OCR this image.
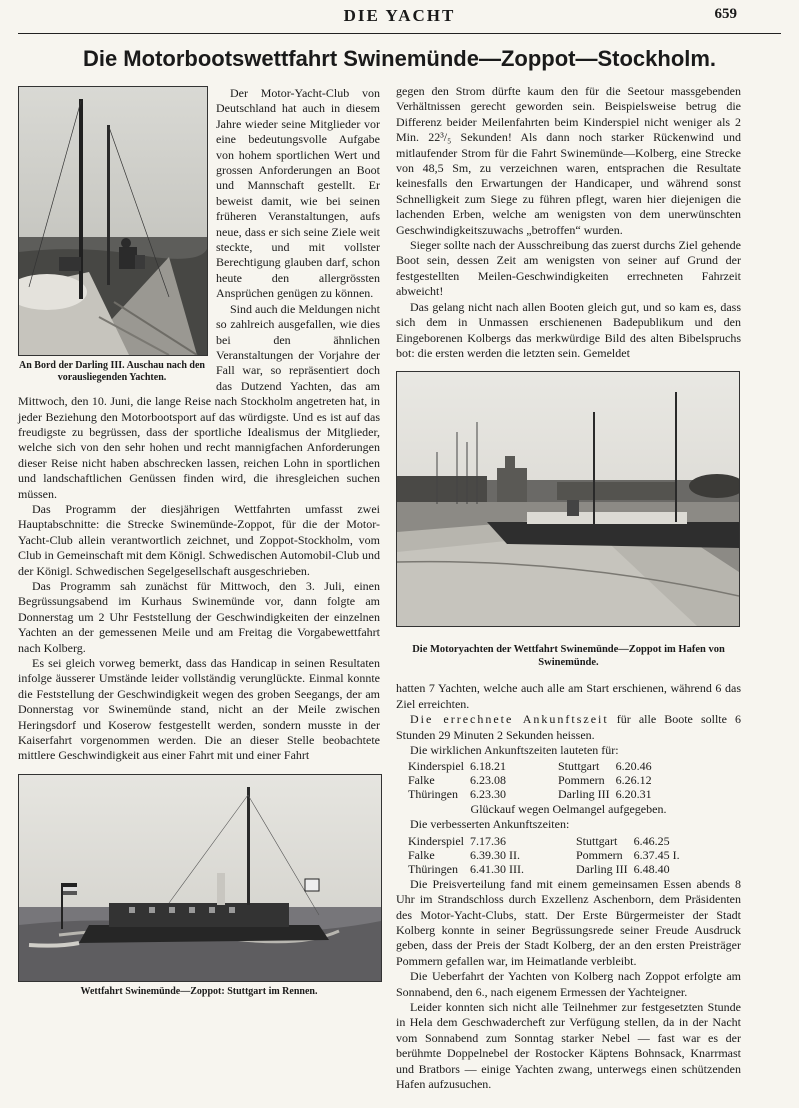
DIE YACHT	659
Die Motorbootswettfahrt Swinemünde—Zoppot—Stockholm.
An Bord der Darling III. Auschau nach den vorausliegenden Yachten.

Der Motor-Yacht-Club von Deutschland hat auch in diesem Jahre wieder seine Mitglieder vor eine bedeutungsvolle Aufgabe von hohem sportlichen Wert und grossen Anforderungen an Boot und Mannschaft gestellt. Er beweist damit, wie bei seinen früheren Veranstaltungen, aufs neue, dass er sich seine Ziele weit steckte, und mit vollster Berechtigung glauben darf, schon heute den allergrössten Ansprüchen genügen zu können.

Sind auch die Meldungen nicht so zahlreich ausgefallen, wie dies bei den ähnlichen Veranstaltungen der Vorjahre der Fall war, so repräsentiert doch das Dutzend Yachten, das am Mittwoch, den 10. Juni, die lange Reise nach Stockholm angetreten hat, in jeder Beziehung den Motorbootsport auf das würdigste. Und es ist auf das freudigste zu begrüssen, dass der sportliche Idealismus der Mitglieder, welche sich von den sehr hohen und recht mannigfachen Anforderungen dieser Reise nicht haben abschrecken lassen, reichen Lohn in sportlichen und landschaftlichen Genüssen finden wird, die ihresgleichen suchen müssen.

Das Programm der diesjährigen Wettfahrten umfasst zwei Hauptabschnitte: die Strecke Swinemünde-Zoppot, für die der Motor-Yacht-Club allein verantwortlich zeichnet, und Zoppot-Stockholm, vom Club in Gemeinschaft mit dem Königl. Schwedischen Automobil-Club und der Königl. Schwedischen Segelgesellschaft ausgeschrieben.

Das Programm sah zunächst für Mittwoch, den 3. Juli, einen Begrüssungsabend im Kurhaus Swinemünde vor, dann folgte am Donnerstag um 2 Uhr Feststellung der Geschwindigkeiten der einzelnen Yachten an der gemessenen Meile und am Freitag die Vorgabewettfahrt nach Kolberg.

Es sei gleich vorweg bemerkt, dass das Handicap in seinen Resultaten infolge äusserer Umstände leider vollständig verunglückte. Einmal konnte die Feststellung der Geschwindigkeit wegen des groben Seegangs, der am Donnerstag vor Swinemünde stand, nicht an der Meile zwischen Heringsdorf und Koserow festgestellt werden, sondern musste in der Kaiserfahrt vorgenommen werden. Die an dieser Stelle beobachtete mittlere Geschwindigkeit aus einer Fahrt mit und einer Fahrt

Wettfahrt Swinemünde—Zoppot: Stuttgart im Rennen.

gegen den Strom dürfte kaum den für die Seetour massgebenden Verhältnissen gerecht geworden sein. Beispielsweise betrug die Differenz beider Meilenfahrten beim Kinderspiel nicht weniger als 2 Min. 22³/₅ Sekunden! Als dann noch starker Rückenwind und mitlaufender Strom für die Fahrt Swinemünde—Kolberg, eine Strecke von 48,5 Sm, zu verzeichnen waren, entsprachen die Resultate keinesfalls den Erwartungen der Handicaper, und während sonst Schnelligkeit zum Siege zu führen pflegt, waren hier diejenigen die lachenden Erben, welche am wenigsten von dem unerwünschten Geschwindigkeitszuwachs „betroffen“ wurden.

Sieger sollte nach der Ausschreibung das zuerst durchs Ziel gehende Boot sein, dessen Zeit am wenigsten von seiner auf Grund der festgestellten Meilen-Geschwindigkeiten errechneten Fahrzeit abweicht!

Das gelang nicht nach allen Booten gleich gut, und so kam es, dass sich dem in Unmassen erschienenen Badepublikum und den Eingeborenen Kolbergs das merkwürdige Bild des alten Bibelspruchs bot: die ersten werden die letzten sein. Gemeldet

Die Motoryachten der Wettfahrt Swinemünde—Zoppot im Hafen von Swinemünde.

hatten 7 Yachten, welche auch alle am Start erschienen, während 6 das Ziel erreichten.

Die errechnete Ankunftszeit für alle Boote sollte 6 Stunden 29 Minuten 2 Sekunden heissen.

Die wirklichen Ankunftszeiten lauteten für:

Kinderspiel	6.18.21		Stuttgart	6.20.46
Falke	6.23.08		Pommern	6.26.12
Thüringen	6.23.30		Darling III	6.20.31
Glückauf wegen Oelmangel aufgegeben.

Die verbesserten Ankunftszeiten:

Kinderspiel	7.17.36		Stuttgart	6.46.25
Falke	6.39.30 II.		Pommern	6.37.45 I.
Thüringen	6.41.30 III.		Darling III	6.48.40

Die Preisverteilung fand mit einem gemeinsamen Essen abends 8 Uhr im Strandschloss durch Exzellenz Aschenborn, dem Präsidenten des Motor-Yacht-Clubs, statt. Der Erste Bürgermeister der Stadt Kolberg konnte in seiner Begrüssungsrede seiner Freude Ausdruck geben, dass der Preis der Stadt Kolberg, der an den ersten Preisträger Pommern gefallen war, im Heimatlande verbleibt.

Die Ueberfahrt der Yachten von Kolberg nach Zoppot erfolgte am Sonnabend, den 6., nach eigenem Ermessen der Yachteigner.

Leider konnten sich nicht alle Teilnehmer zur festgesetzten Stunde in Hela dem Geschwadercheft zur Verfügung stellen, da in der Nacht vom Sonnabend zum Sonntag starker Nebel — fast war es der berühmte Doppelnebel der Rostocker Käptens Bohnsack, Knarrmast und Bratbors — einige Yachten zwang, unterwegs einen schützenden Hafen aufzusuchen.
